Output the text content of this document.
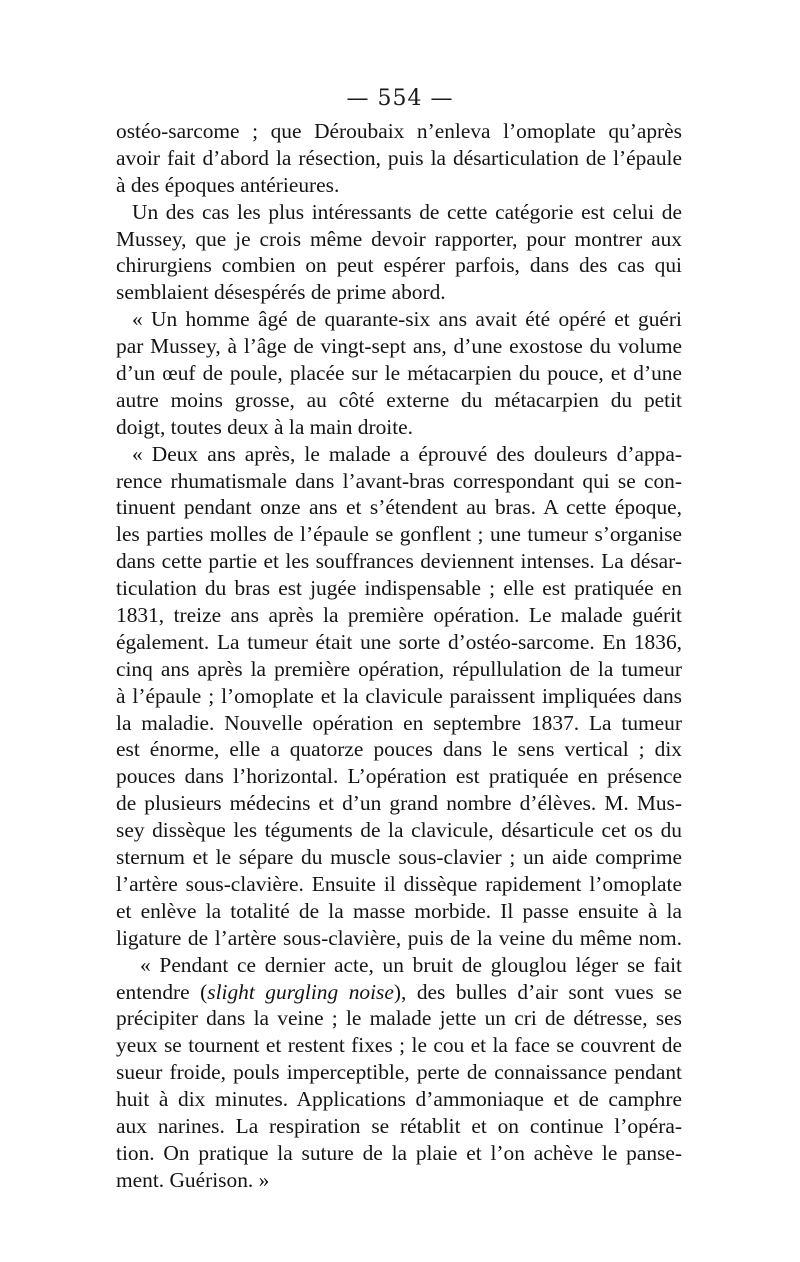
— 554 —
ostéo-sarcome ; que Déroubaix n’enleva l’omoplate qu’après
avoir fait d’abord la résection, puis la désarticulation de l’épaule
à des époques antérieures.
Un des cas les plus intéressants de cette catégorie est celui de
Mussey, que je crois même devoir rapporter, pour montrer aux
chirurgiens combien on peut espérer parfois, dans des cas qui
semblaient désespérés de prime abord.
« Un homme âgé de quarante-six ans avait été opéré et guéri
par Mussey, à l’âge de vingt-sept ans, d’une exostose du volume
d’un œuf de poule, placée sur le métacarpien du pouce, et d’une
autre moins grosse, au côté externe du métacarpien du petit
doigt, toutes deux à la main droite.
« Deux ans après, le malade a éprouvé des douleurs d’appa-
rence rhumatismale dans l’avant-bras correspondant qui se con-
tinuent pendant onze ans et s’étendent au bras. A cette époque,
les parties molles de l’épaule se gonflent ; une tumeur s’organise
dans cette partie et les souffrances deviennent intenses. La désar-
ticulation du bras est jugée indispensable ; elle est pratiquée en
1831, treize ans après la première opération. Le malade guérit
également. La tumeur était une sorte d’ostéo-sarcome. En 1836,
cinq ans après la première opération, répullulation de la tumeur
à l’épaule ; l’omoplate et la clavicule paraissent impliquées dans
la maladie. Nouvelle opération en septembre 1837. La tumeur
est énorme, elle a quatorze pouces dans le sens vertical ; dix
pouces dans l’horizontal. L’opération est pratiquée en présence
de plusieurs médecins et d’un grand nombre d’élèves. M. Mus-
sey dissèque les téguments de la clavicule, désarticule cet os du
sternum et le sépare du muscle sous-clavier ; un aide comprime
l’artère sous-clavière. Ensuite il dissèque rapidement l’omoplate
et enlève la totalité de la masse morbide. Il passe ensuite à la
ligature de l’artère sous-clavière, puis de la veine du même nom.
« Pendant ce dernier acte, un bruit de glouglou léger se fait
entendre (slight gurgling noise), des bulles d’air sont vues se
précipiter dans la veine ; le malade jette un cri de détresse, ses
yeux se tournent et restent fixes ; le cou et la face se couvrent de
sueur froide, pouls imperceptible, perte de connaissance pendant
huit à dix minutes. Applications d’ammoniaque et de camphre
aux narines. La respiration se rétablit et on continue l’opéra-
tion. On pratique la suture de la plaie et l’on achève le panse-
ment. Guérison. »
